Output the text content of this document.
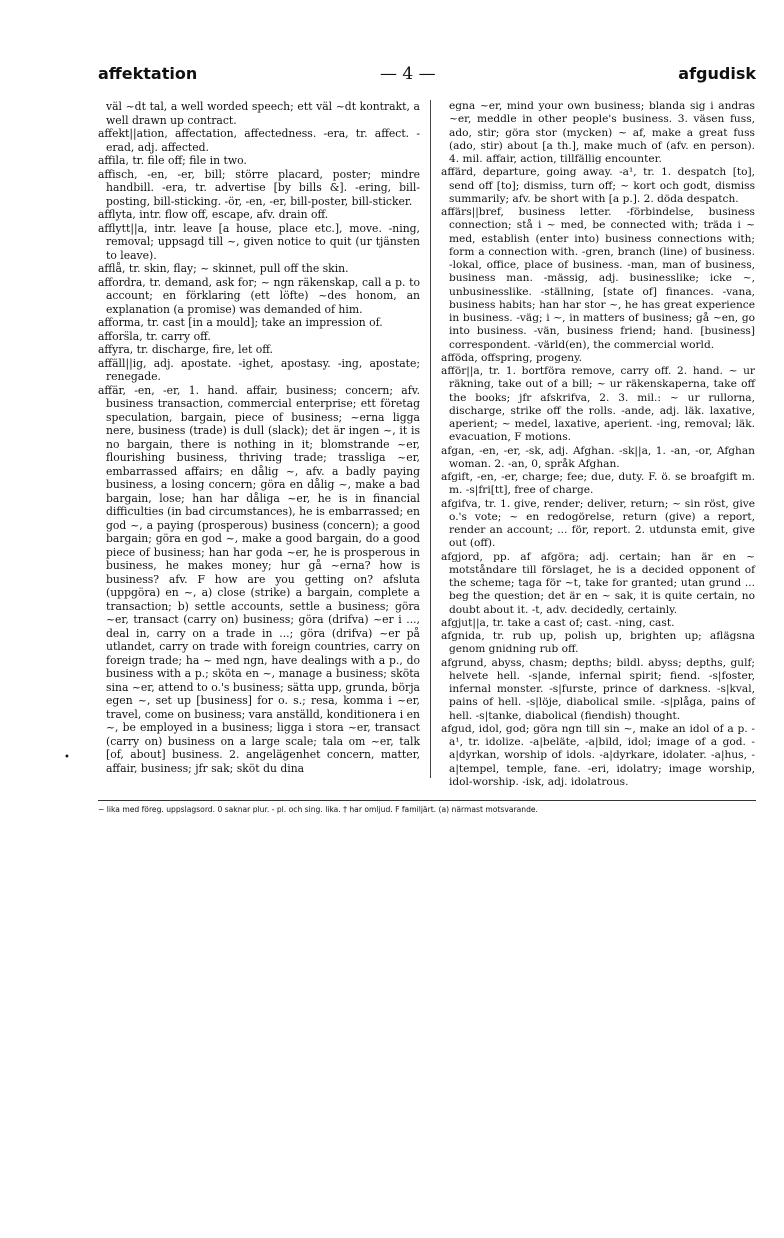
affektation	— 4 —	afgudisk

väl ~dt tal, a well worded speech; ett väl ~dt kontrakt, a well drawn up contract.

affekt||ation, affectation, affectedness. -era, tr. affect. -erad, adj. affected.

affila, tr. file off; file in two.

affisch, -en, -er, bill; större placard, poster; mindre handbill. -era, tr. advertise [by bills &]. -ering, bill-posting, bill-sticking. -ör, -en, -er, bill-poster, bill-sticker.

afflyta, intr. flow off, escape, afv. drain off.

afflytt||a, intr. leave [a house, place etc.], move. -ning, removal; uppsagd till ~, given notice to quit (ur tjänsten to leave).

afflå, tr. skin, flay; ~ skinnet, pull off the skin.

affordra, tr. demand, ask for; ~ ngn räkenskap, call a p. to account; en förklaring (ett löfte) ~des honom, an explanation (a promise) was demanded of him.

afforma, tr. cast [in a mould]; take an impression of.

affors̈la, tr. carry off.

affyra, tr. discharge, fire, let off.

affäll||ig, adj. apostate. -ighet, apostasy. -ing, apostate; renegade.

affär, -en, -er, 1. hand. affair, business; concern; afv. business transaction, commercial enterprise; ett företag speculation, bargain, piece of business; ~erna ligga nere, business (trade) is dull (slack); det är ingen ~, it is no bargain, there is nothing in it; blomstrande ~er, flourishing business, thriving trade; trassliga ~er, embarrassed affairs; en dålig ~, afv. a badly paying business, a losing concern; göra en dålig ~, make a bad bargain, lose; han har dåliga ~er, he is in financial difficulties (in bad circumstances), he is embarrassed; en god ~, a paying (prosperous) business (concern); a good bargain; göra en god ~, make a good bargain, do a good piece of business; han har goda ~er, he is prosperous in business, he makes money; hur gå ~erna? how is business? afv. F how are you getting on? afsluta (uppgöra) en ~, a) close (strike) a bargain, complete a transaction; b) settle accounts, settle a business; göra ~er, transact (carry on) business; göra (drifva) ~er i ..., deal in, carry on a trade in ...; göra (drifva) ~er på utlandet, carry on trade with foreign countries, carry on foreign trade; ha ~ med ngn, have dealings with a p., do business with a p.; sköta en ~, manage a business; sköta sina ~er, attend to o.'s business; sätta upp, grunda, börja egen ~, set up [business] for o. s.; resa, komma i ~er, travel, come on business; vara anställd, konditionera i en ~, be employed in a business; ligga i stora ~er, transact (carry on) business on a large scale; tala om ~er, talk [of, about] business. 2. angelägenhet concern, matter, affair, business; jfr sak; sköt du dina

egna ~er, mind your own business; blanda sig i andras ~er, meddle in other people's business. 3. väsen fuss, ado, stir; göra stor (mycken) ~ af, make a great fuss (ado, stir) about [a th.], make much of (afv. en person). 4. mil. affair, action, tillfällig encounter.

affärd, departure, going away. -a¹, tr. 1. despatch [to], send off [to]; dismiss, turn off; ~ kort och godt, dismiss summarily; afv. be short with [a p.]. 2. döda despatch.

affärs||bref, business letter. -förbindelse, business connection; stå i ~ med, be connected with; träda i ~ med, establish (enter into) business connections with; form a connection with. -gren, branch (line) of business. -lokal, office, place of business. -man, man of business, business man. -mässig, adj. businesslike; icke ~, unbusinesslike. -ställning, [state of] finances. -vana, business habits; han har stor ~, he has great experience in business. -väg; i ~, in matters of business; gå ~en, go into business. -vän, business friend; hand. [business] correspondent. -värld(en), the commercial world.

afföda, offspring, progeny.

afför||a, tr. 1. bortföra remove, carry off. 2. hand. ~ ur räkning, take out of a bill; ~ ur räkenskaperna, take off the books; jfr afskrifva, 2. 3. mil.: ~ ur rullorna, discharge, strike off the rolls. -ande, adj. läk. laxative, aperient; ~ medel, laxative, aperient. -ing, removal; läk. evacuation, F motions.

afgan, -en, -er, -sk, adj. Afghan. -sk||a, 1. -an, -or, Afghan woman. 2. -an, 0, språk Afghan.

afgift, -en, -er, charge; fee; due, duty. F. ö. se broafgift m. m. -s|fri[tt], free of charge.

afgifva, tr. 1. give, render; deliver, return; ~ sin röst, give o.'s vote; ~ en redogörelse, return (give) a report, render an account; ... för, report. 2. utdunsta emit, give out (off).

afgjord, pp. af afgöra; adj. certain; han är en ~ motståndare till förslaget, he is a decided opponent of the scheme; taga för ~t, take for granted; utan grund ... beg the question; det är en ~ sak, it is quite certain, no doubt about it. -t, adv. decidedly, certainly.

afgjut||a, tr. take a cast of; cast. -ning, cast.

afgnida, tr. rub up, polish up, brighten up; aflägsna genom gnidning rub off.

afgrund, abyss, chasm; depths; bildl. abyss; depths, gulf; helvete hell. -s|ande, infernal spirit; fiend. -s|foster, infernal monster. -s|furste, prince of darkness. -s|kval, pains of hell. -s|löje, diabolical smile. -s|plåga, pains of hell. -s|tanke, diabolical (fiendish) thought.

afgud, idol, god; göra ngn till sin ~, make an idol of a p. -a¹, tr. idolize. -a|beläte, -a|bild, idol; image of a god. -a|dyrkan, worship of idols. -a|dyrkare, idolater. -a|hus, -a|tempel, temple, fane. -eri, idolatry; image worship, idol-worship. -isk, adj. idolatrous.

•
~ lika med föreg. uppslagsord. 0 saknar plur. - pl. och sing. lika. † har omljud. F familjärt. (a) närmast motsvarande.
